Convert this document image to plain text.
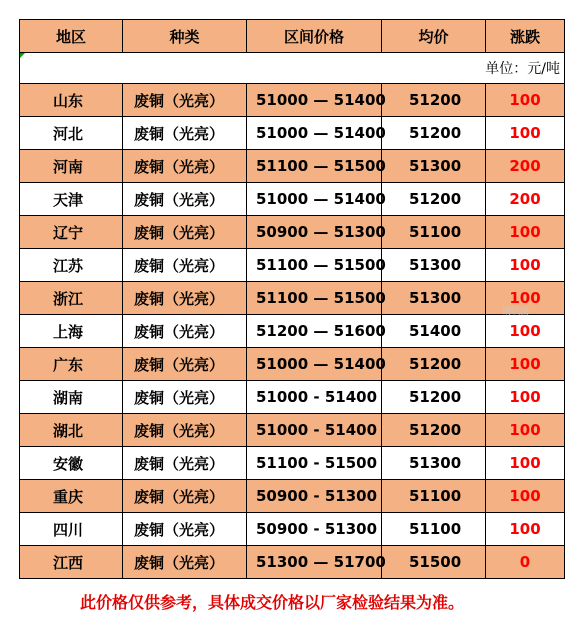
地区	种类	区间价格	均价	涨跌

单位：元/吨				
山东	废铜（光亮）	51000 — 51400	51200	100
河北	废铜（光亮）	51000 — 51400	51200	100
河南	废铜（光亮）	51100 — 51500	51300	200
天津	废铜（光亮）	51000 — 51400	51200	200
辽宁	废铜（光亮）	50900 — 51300	51100	100
江苏	废铜（光亮）	51100 — 51500	51300	100
浙江	废铜（光亮）	51100 — 51500	51300	100
上海	废铜（光亮）	51200 — 51600	51400	100
广东	废铜（光亮）	51000 — 51400	51200	100
湖南	废铜（光亮）	51000 - 51400	51200	100
湖北	废铜（光亮）	51000 - 51400	51200	100
安徽	废铜（光亮）	51100 - 51500	51300	100
重庆	废铜（光亮）	50900 - 51300	51100	100
四川	废铜（光亮）	50900 - 51300	51100	100
江西	废铜（光亮）	51300 — 51700	51500	0
钢铁圈
此价格仅供参考，具体成交价格以厂家检验结果为准。
